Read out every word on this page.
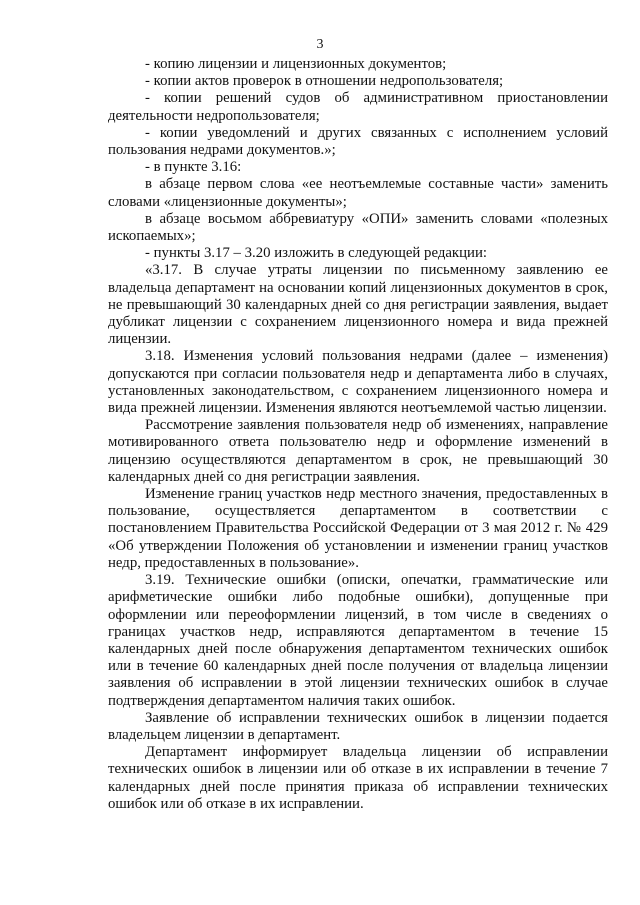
3

- копию лицензии и лицензионных документов;

- копии актов проверок в отношении недропользователя;

- копии решений судов об административном приостановлении деятельности недропользователя;

- копии уведомлений и других связанных с исполнением условий пользования недрами документов.»;

- в пункте 3.16:

в абзаце первом слова «ее неотъемлемые составные части» заменить словами «лицензионные документы»;

в абзаце восьмом аббревиатуру «ОПИ» заменить словами «полезных ископаемых»;

- пункты 3.17 – 3.20 изложить в следующей редакции:

«3.17. В случае утраты лицензии по письменному заявлению ее владельца департамент на основании копий лицензионных документов в срок, не превышающий 30 календарных дней со дня регистрации заявления, выдает дубликат лицензии с сохранением лицензионного номера и вида прежней лицензии.

3.18. Изменения условий пользования недрами (далее – изменения) допускаются при согласии пользователя недр и департамента либо в случаях, установленных законодательством, с сохранением лицензионного номера и вида прежней лицензии. Изменения являются неотъемлемой частью лицензии.

Рассмотрение заявления пользователя недр об изменениях, направление мотивированного ответа пользователю недр и оформление изменений в лицензию осуществляются департаментом в срок, не превышающий 30 календарных дней со дня регистрации заявления.

Изменение границ участков недр местного значения, предоставленных в пользование, осуществляется департаментом в соответствии с постановлением Правительства Российской Федерации от 3 мая 2012 г. № 429 «Об утверждении Положения об установлении и изменении границ участков недр, предоставленных в пользование».

3.19. Технические ошибки (описки, опечатки, грамматические или арифметические ошибки либо подобные ошибки), допущенные при оформлении или переоформлении лицензий, в том числе в сведениях о границах участков недр, исправляются департаментом в течение 15 календарных дней после обнаружения департаментом технических ошибок или в течение 60 календарных дней после получения от владельца лицензии заявления об исправлении в этой лицензии технических ошибок в случае подтверждения департаментом наличия таких ошибок.

Заявление об исправлении технических ошибок в лицензии подается владельцем лицензии в департамент.

Департамент информирует владельца лицензии об исправлении технических ошибок в лицензии или об отказе в их исправлении в течение 7 календарных дней после принятия приказа об исправлении технических ошибок или об отказе в их исправлении.
